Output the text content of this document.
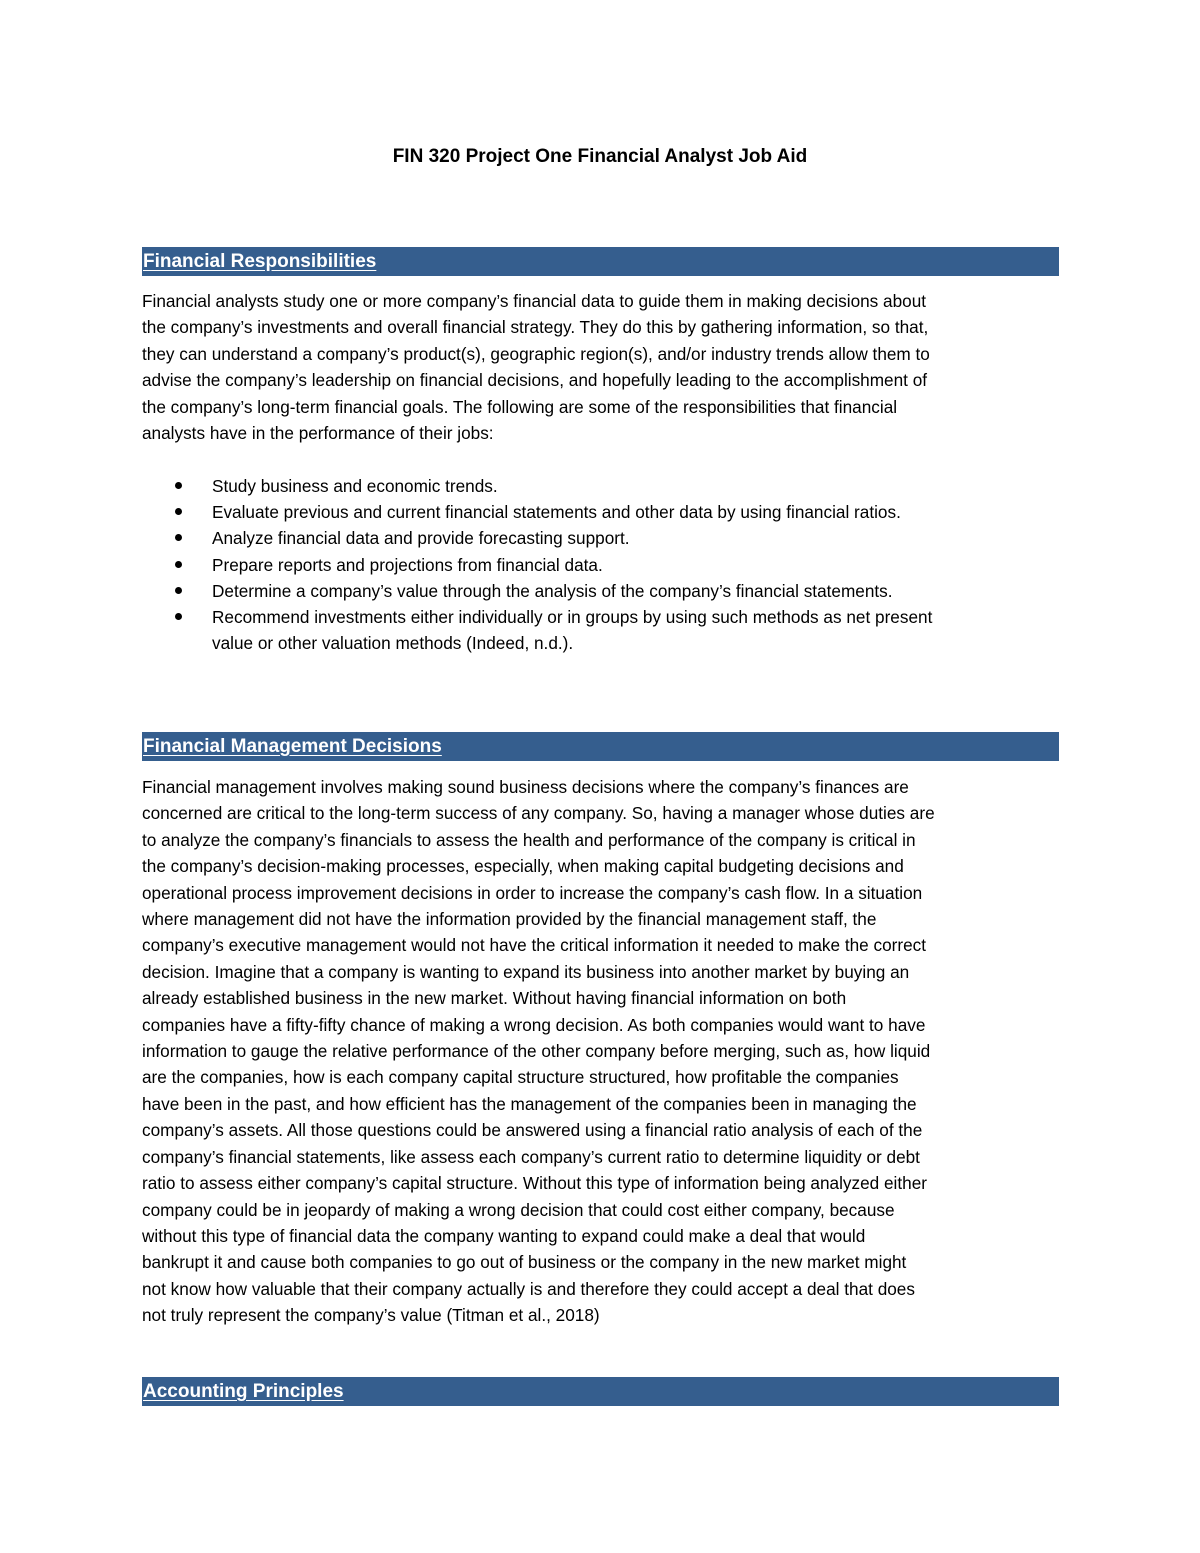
FIN 320 Project One Financial Analyst Job Aid
Financial Responsibilities

Financial analysts study one or more company’s financial data to guide them in making decisions about
the company’s investments and overall financial strategy. They do this by gathering information, so that,
they can understand a company’s product(s), geographic region(s), and/or industry trends allow them to
advise the company’s leadership on financial decisions, and hopefully leading to the accomplishment of
the company’s long-term financial goals. The following are some of the responsibilities that financial
analysts have in the performance of their jobs:

Study business and economic trends.
Evaluate previous and current financial statements and other data by using financial ratios.
Analyze financial data and provide forecasting support.
Prepare reports and projections from financial data.
Determine a company’s value through the analysis of the company’s financial statements.
Recommend investments either individually or in groups by using such methods as net present
value or other valuation methods (Indeed, n.d.).
Financial Management Decisions

Financial management involves making sound business decisions where the company’s finances are
concerned are critical to the long-term success of any company. So, having a manager whose duties are
to analyze the company’s financials to assess the health and performance of the company is critical in
the company’s decision-making processes, especially, when making capital budgeting decisions and
operational process improvement decisions in order to increase the company’s cash flow. In a situation
where management did not have the information provided by the financial management staff, the
company’s executive management would not have the critical information it needed to make the correct
decision. Imagine that a company is wanting to expand its business into another market by buying an
already established business in the new market. Without having financial information on both
companies have a fifty-fifty chance of making a wrong decision. As both companies would want to have
information to gauge the relative performance of the other company before merging, such as, how liquid
are the companies, how is each company capital structure structured, how profitable the companies
have been in the past, and how efficient has the management of the companies been in managing the
company’s assets. All those questions could be answered using a financial ratio analysis of each of the
company’s financial statements, like assess each company’s current ratio to determine liquidity or debt
ratio to assess either company’s capital structure. Without this type of information being analyzed either
company could be in jeopardy of making a wrong decision that could cost either company, because
without this type of financial data the company wanting to expand could make a deal that would
bankrupt it and cause both companies to go out of business or the company in the new market might
not know how valuable that their company actually is and therefore they could accept a deal that does
not truly represent the company’s value (Titman et al., 2018)

Accounting Principles
